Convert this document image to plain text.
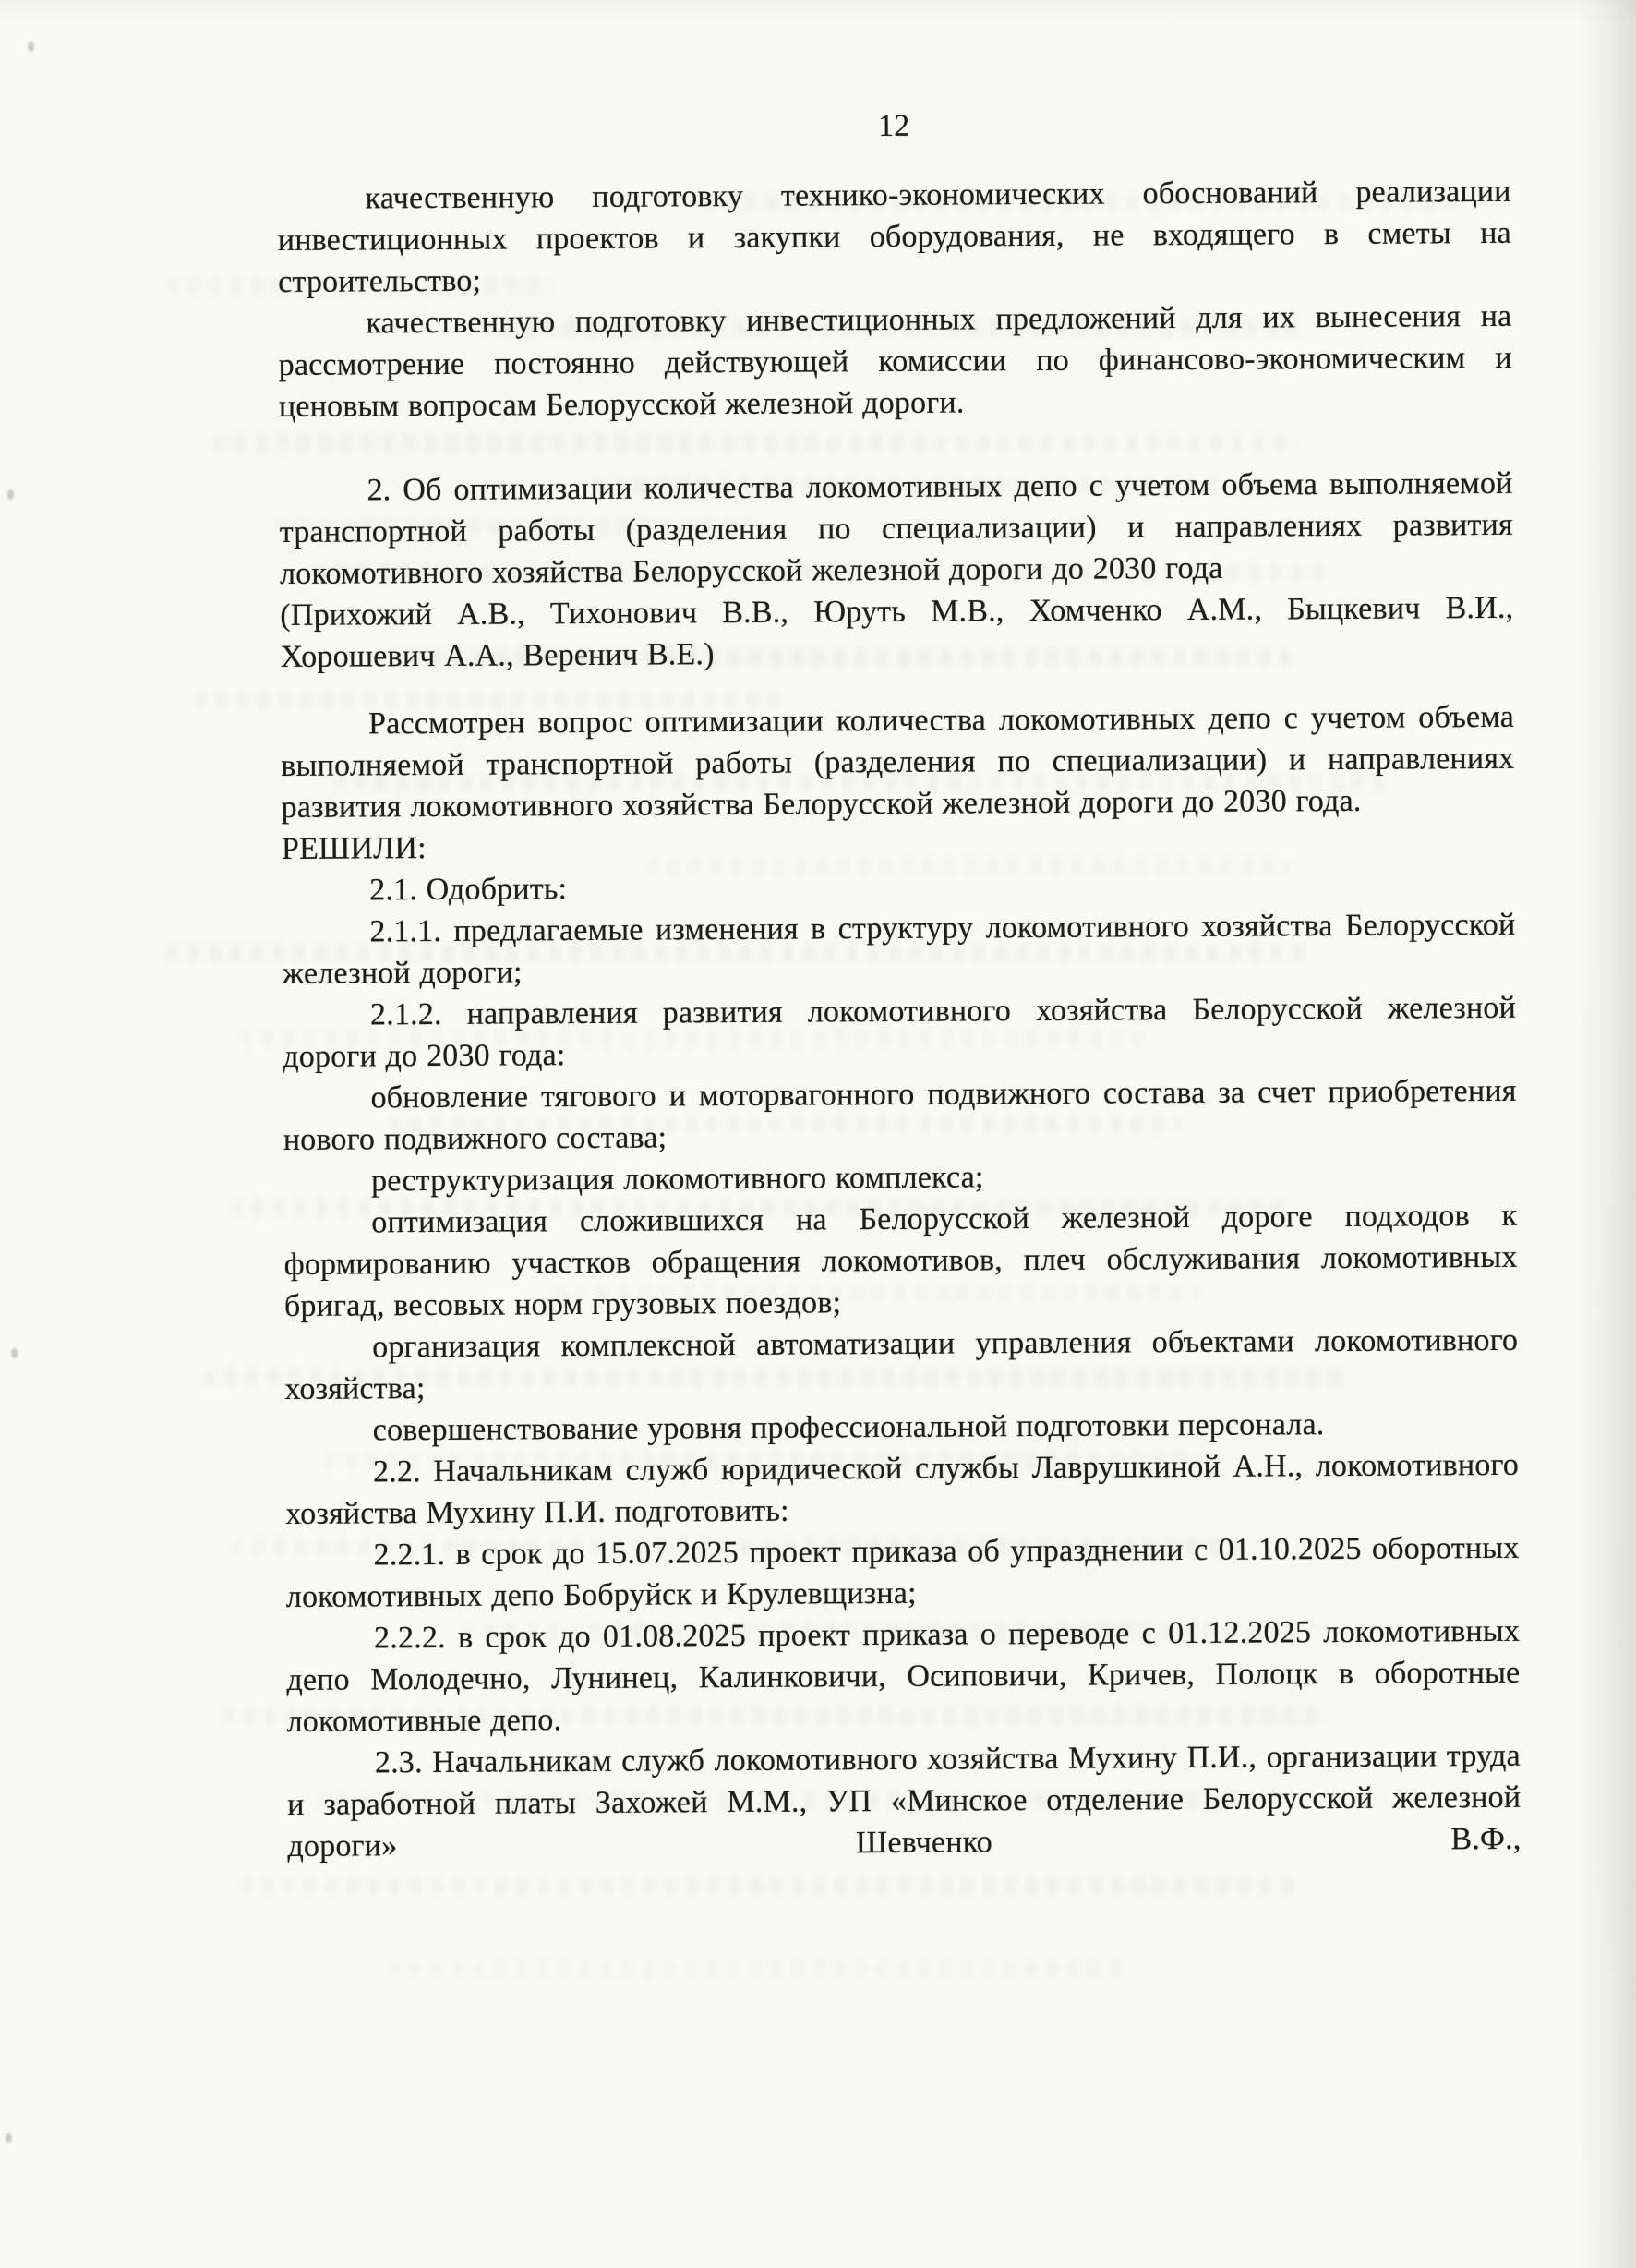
12

качественную подготовку технико-экономических обоснований реализации инвестиционных проектов и закупки оборудования, не входящего в сметы на строительство;

качественную подготовку инвестиционных предложений для их вынесения на рассмотрение постоянно действующей комиссии по финансово-экономическим и ценовым вопросам Белорусской железной дороги.

2. Об оптимизации количества локомотивных депо с учетом объема выполняемой транспортной работы (разделения по специализации) и направлениях развития локомотивного хозяйства Белорусской железной дороги до 2030 года

(Прихожий А.В., Тихонович В.В., Юруть М.В., Хомченко А.М., Быцкевич В.И., Хорошевич А.А., Веренич В.Е.)

Рассмотрен вопрос оптимизации количества локомотивных депо с учетом объема выполняемой транспортной работы (разделения по специализации) и направлениях развития локомотивного хозяйства Белорусской железной дороги до 2030 года.

РЕШИЛИ:

2.1. Одобрить:

2.1.1. предлагаемые изменения в структуру локомотивного хозяйства Белорусской железной дороги;

2.1.2. направления развития локомотивного хозяйства Белорусской железной дороги до 2030 года:

обновление тягового и моторвагонного подвижного состава за счет приобретения нового подвижного состава;

реструктуризация локомотивного комплекса;

оптимизация сложившихся на Белорусской железной дороге подходов к формированию участков обращения локомотивов, плеч обслуживания локомотивных бригад, весовых норм грузовых поездов;

организация комплексной автоматизации управления объектами локомотивного хозяйства;

совершенствование уровня профессиональной подготовки персонала.

2.2. Начальникам служб юридической службы Лаврушкиной А.Н., локомотивного хозяйства Мухину П.И. подготовить:

2.2.1. в срок до 15.07.2025 проект приказа об упразднении с 01.10.2025 оборотных локомотивных депо Бобруйск и Крулевщизна;

2.2.2. в срок до 01.08.2025 проект приказа о переводе с 01.12.2025 локомотивных депо Молодечно, Лунинец, Калинковичи, Осиповичи, Кричев, Полоцк в оборотные локомотивные депо.

2.3. Начальникам служб локомотивного хозяйства Мухину П.И., организации труда и заработной платы Захожей М.М., УП «Минское отделение Белорусской железной дороги» Шевченко В.Ф.,
